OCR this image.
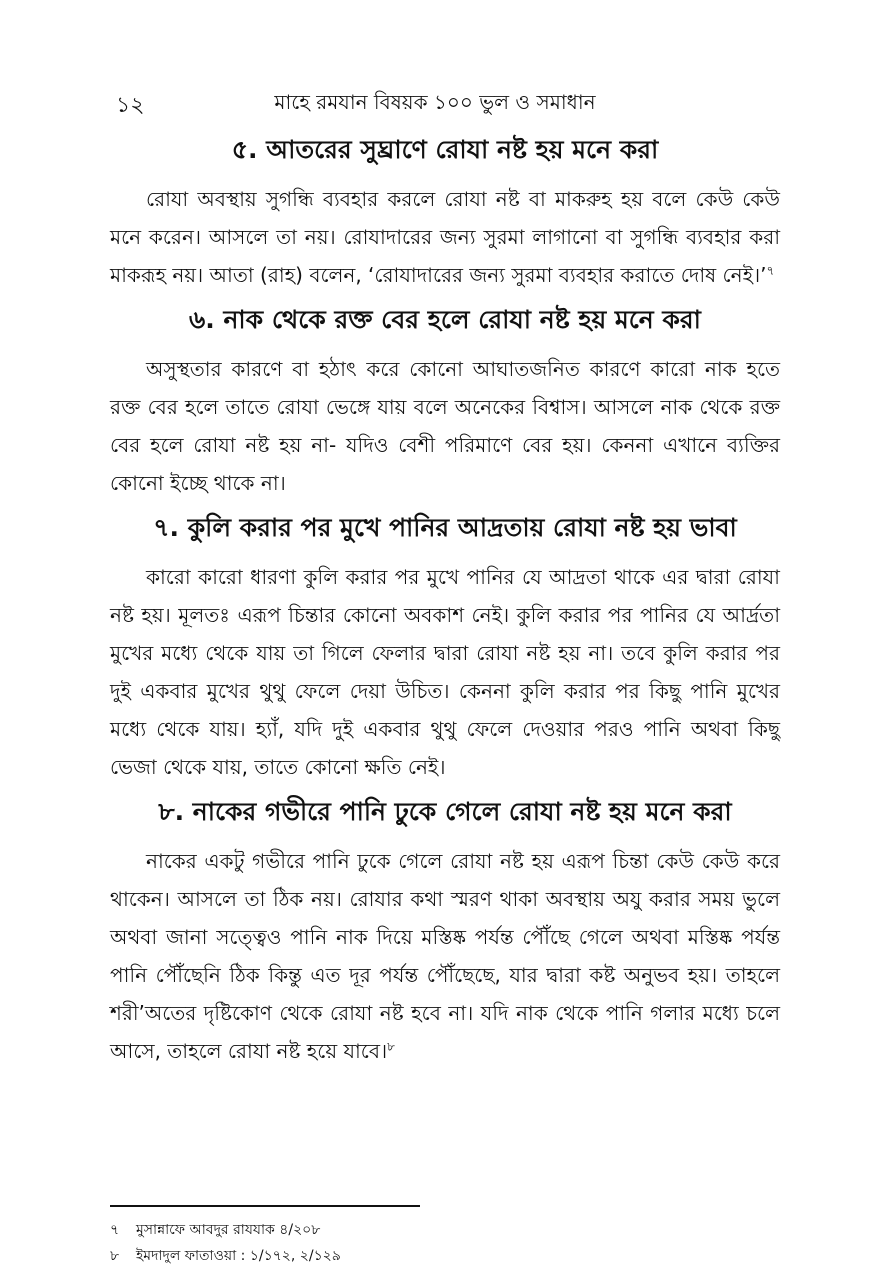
১২	মাহে রমযান বিষয়ক ১০০ ভুল ও সমাধান
৫. আতরের সুঘ্রাণে রোযা নষ্ট হয় মনে করা

রোযা অবস্থায় সুগন্ধি ব্যবহার করলে রোযা নষ্ট বা মাকরুহ হয় বলে কেউ কেউ মনে করেন। আসলে তা নয়। রোযাদারের জন্য সুরমা লাগানো বা সুগন্ধি ব্যবহার করা মাকরূহ নয়। আতা (রাহ) বলেন, ‘রোযাদারের জন্য সুরমা ব্যবহার করাতে দোষ নেই।’$^৭$

৬. নাক থেকে রক্ত বের হলে রোযা নষ্ট হয় মনে করা

অসুস্থতার কারণে বা হঠাৎ করে কোনো আঘাতজনিত কারণে কারো নাক হতে রক্ত বের হলে তাতে রোযা ভেঙ্গে যায় বলে অনেকের বিশ্বাস। আসলে নাক থেকে রক্ত বের হলে রোযা নষ্ট হয় না- যদিও বেশী পরিমাণে বের হয়। কেননা এখানে ব্যক্তির কোনো ইচ্ছে থাকে না।

৭. কুলি করার পর মুখে পানির আদ্রতায় রোযা নষ্ট হয় ভাবা

কারো কারো ধারণা কুলি করার পর মুখে পানির যে আদ্রতা থাকে এর দ্বারা রোযা নষ্ট হয়। মূলতঃ এরূপ চিন্তার কোনো অবকাশ নেই। কুলি করার পর পানির যে আর্দ্রতা মুখের মধ্যে থেকে যায় তা গিলে ফেলার দ্বারা রোযা নষ্ট হয় না। তবে কুলি করার পর দুই একবার মুখের থুথু ফেলে দেয়া উচিত। কেননা কুলি করার পর কিছু পানি মুখের মধ্যে থেকে যায়। হ্যাঁ, যদি দুই একবার থুথু ফেলে দেওয়ার পরও পানি অথবা কিছু ভেজা থেকে যায়, তাতে কোনো ক্ষতি নেই।

৮. নাকের গভীরে পানি ঢুকে গেলে রোযা নষ্ট হয় মনে করা

নাকের একটু গভীরে পানি ঢুকে গেলে রোযা নষ্ট হয় এরূপ চিন্তা কেউ কেউ করে থাকেন। আসলে তা ঠিক নয়। রোযার কথা স্মরণ থাকা অবস্থায় অযু করার সময় ভুলে অথবা জানা সত্ত্বেও পানি নাক দিয়ে মস্তিষ্ক পর্যন্ত পৌঁছে গেলে অথবা মস্তিষ্ক পর্যন্ত পানি পৌঁছেনি ঠিক কিন্তু এত দূর পর্যন্ত পৌঁছেছে, যার দ্বারা কষ্ট অনুভব হয়। তাহলে শরী’অতের দৃষ্টিকোণ থেকে রোযা নষ্ট হবে না। যদি নাক থেকে পানি গলার মধ্যে চলে আসে, তাহলে রোযা নষ্ট হয়ে যাবে।$^৮$

৭ মুসান্নাফে আবদুর রাযযাক ৪/২০৮
৮ ইমদাদুল ফাতাওয়া : ১/১৭২, ২/১২৯
